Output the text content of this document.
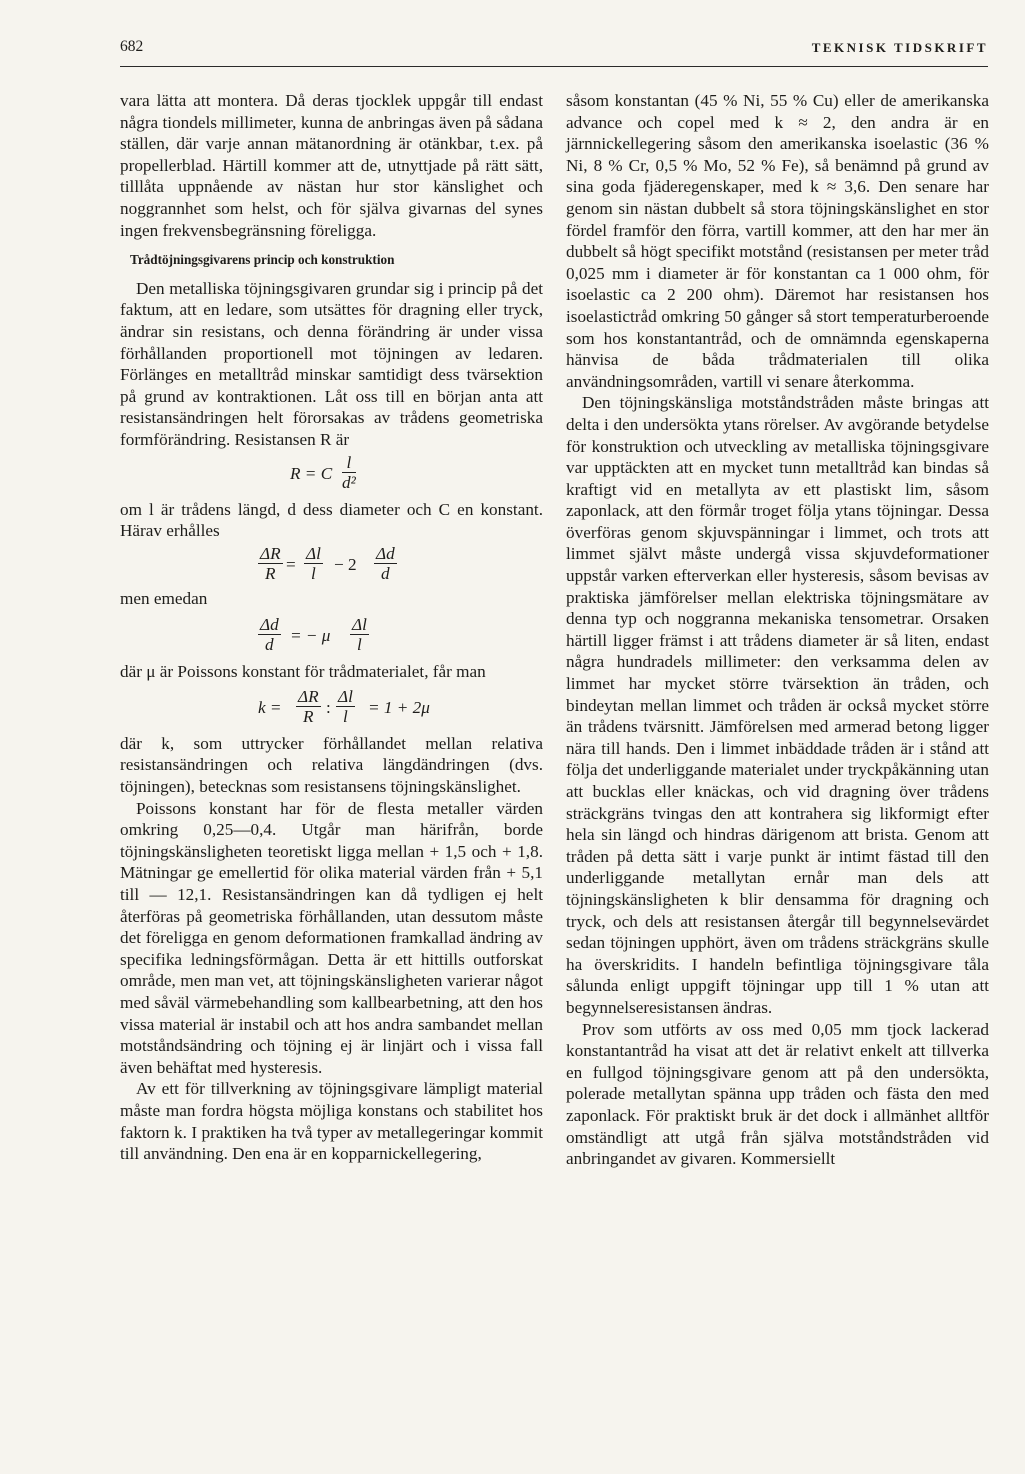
682	TEKNISK TIDSKRIFT

vara lätta att montera. Då deras tjocklek uppgår till endast några tiondels millimeter, kunna de anbringas även på sådana ställen, där varje annan mätanordning är otänkbar, t.ex. på propellerblad. Härtill kommer att de, utnyttjade på rätt sätt, tilllåta uppnående av nästan hur stor känslighet och noggrannhet som helst, och för själva givarnas del synes ingen frekvensbegränsning föreligga.

Trådtöjningsgivarens princip och konstruktion

Den metalliska töjningsgivaren grundar sig i princip på det faktum, att en ledare, som utsättes för dragning eller tryck, ändrar sin resistans, och denna förändring är under vissa förhållanden proportionell mot töjningen av ledaren. Förlänges en metalltråd minskar samtidigt dess tvärsektion på grund av kontraktionen. Låt oss till en början anta att resistansändringen helt förorsakas av trådens geometriska formförändring. Resistansen R är

R = C $\frac{l}{\text{d²}}$

om l är trådens längd, d dess diameter och C en konstant. Härav erhålles

$\frac{\Delta R}{R} = \frac{\Delta l}{l} - 2 \frac{\Delta d}{d}$

men emedan

$\frac{\Delta d}{d}$ = − μ $\frac{\Delta l}{l}$

där μ är Poissons konstant för trådmaterialet, får man

$k = \frac{\Delta R}{R}$ : $\frac{\Delta l}{l} = 1 + 2\mu$

där k, som uttrycker förhållandet mellan relativa resistansändringen och relativa längdändringen (dvs. töjningen), betecknas som resistansens töjningskänslighet.

Poissons konstant har för de flesta metaller värden omkring 0,25—0,4. Utgår man härifrån, borde töjningskänsligheten teoretiskt ligga mellan + 1,5 och + 1,8. Mätningar ge emellertid för olika material värden från + 5,1 till — 12,1. Resistansändringen kan då tydligen ej helt återföras på geometriska förhållanden, utan dessutom måste det föreligga en genom deformationen framkallad ändring av specifika ledningsförmågan. Detta är ett hittills outforskat område, men man vet, att töjningskänsligheten varierar något med såväl värmebehandling som kallbearbetning, att den hos vissa material är instabil och att hos andra sambandet mellan motståndsändring och töjning ej är linjärt och i vissa fall även behäftat med hysteresis.

Av ett för tillverkning av töjningsgivare lämpligt material måste man fordra högsta möjliga konstans och stabilitet hos faktorn k. I praktiken ha två typer av metallegeringar kommit till användning. Den ena är en kopparnickellegering,

såsom konstantan (45 % Ni, 55 % Cu) eller de amerikanska advance och copel med k ≈ 2, den andra är en järnnickellegering såsom den amerikanska isoelastic (36 % Ni, 8 % Cr, 0,5 % Mo, 52 % Fe), så benämnd på grund av sina goda fjäderegenskaper, med k ≈ 3,6. Den senare har genom sin nästan dubbelt så stora töjningskänslighet en stor fördel framför den förra, vartill kommer, att den har mer än dubbelt så högt specifikt motstånd (resistansen per meter tråd 0,025 mm i diameter är för konstantan ca 1 000 ohm, för isoelastic ca 2 200 ohm). Däremot har resistansen hos isoelastictråd omkring 50 gånger så stort temperaturberoende som hos konstantantråd, och de omnämnda egenskaperna hänvisa de båda trådmaterialen till olika användningsområden, vartill vi senare återkomma.

Den töjningskänsliga motståndstråden måste bringas att delta i den undersökta ytans rörelser. Av avgörande betydelse för konstruktion och utveckling av metalliska töjningsgivare var upptäckten att en mycket tunn metalltråd kan bindas så kraftigt vid en metallyta av ett plastiskt lim, såsom zaponlack, att den förmår troget följa ytans töjningar. Dessa överföras genom skjuvspänningar i limmet, och trots att limmet självt måste undergå vissa skjuvdeformationer uppstår varken efterverkan eller hysteresis, såsom bevisas av praktiska jämförelser mellan elektriska töjningsmätare av denna typ och noggranna mekaniska tensometrar. Orsaken härtill ligger främst i att trådens diameter är så liten, endast några hundradels millimeter: den verksamma delen av limmet har mycket större tvärsektion än tråden, och bindeytan mellan limmet och tråden är också mycket större än trådens tvärsnitt. Jämförelsen med armerad betong ligger nära till hands. Den i limmet inbäddade tråden är i stånd att följa det underliggande materialet under tryckpåkänning utan att bucklas eller knäckas, och vid dragning över trådens sträckgräns tvingas den att kontrahera sig likformigt efter hela sin längd och hindras därigenom att brista. Genom att tråden på detta sätt i varje punkt är intimt fästad till den underliggande metallytan ernår man dels att töjningskänsligheten k blir densamma för dragning och tryck, och dels att resistansen återgår till begynnelsevärdet sedan töjningen upphört, även om trådens sträckgräns skulle ha överskridits. I handeln befintliga töjningsgivare tåla sålunda enligt uppgift töjningar upp till 1 % utan att begynnelseresistansen ändras.

Prov som utförts av oss med 0,05 mm tjock lackerad konstantantråd ha visat att det är relativt enkelt att tillverka en fullgod töjningsgivare genom att på den undersökta, polerade metallytan spänna upp tråden och fästa den med zaponlack. För praktiskt bruk är det dock i allmänhet alltför omständligt att utgå från själva motståndstråden vid anbringandet av givaren. Kommersiellt
